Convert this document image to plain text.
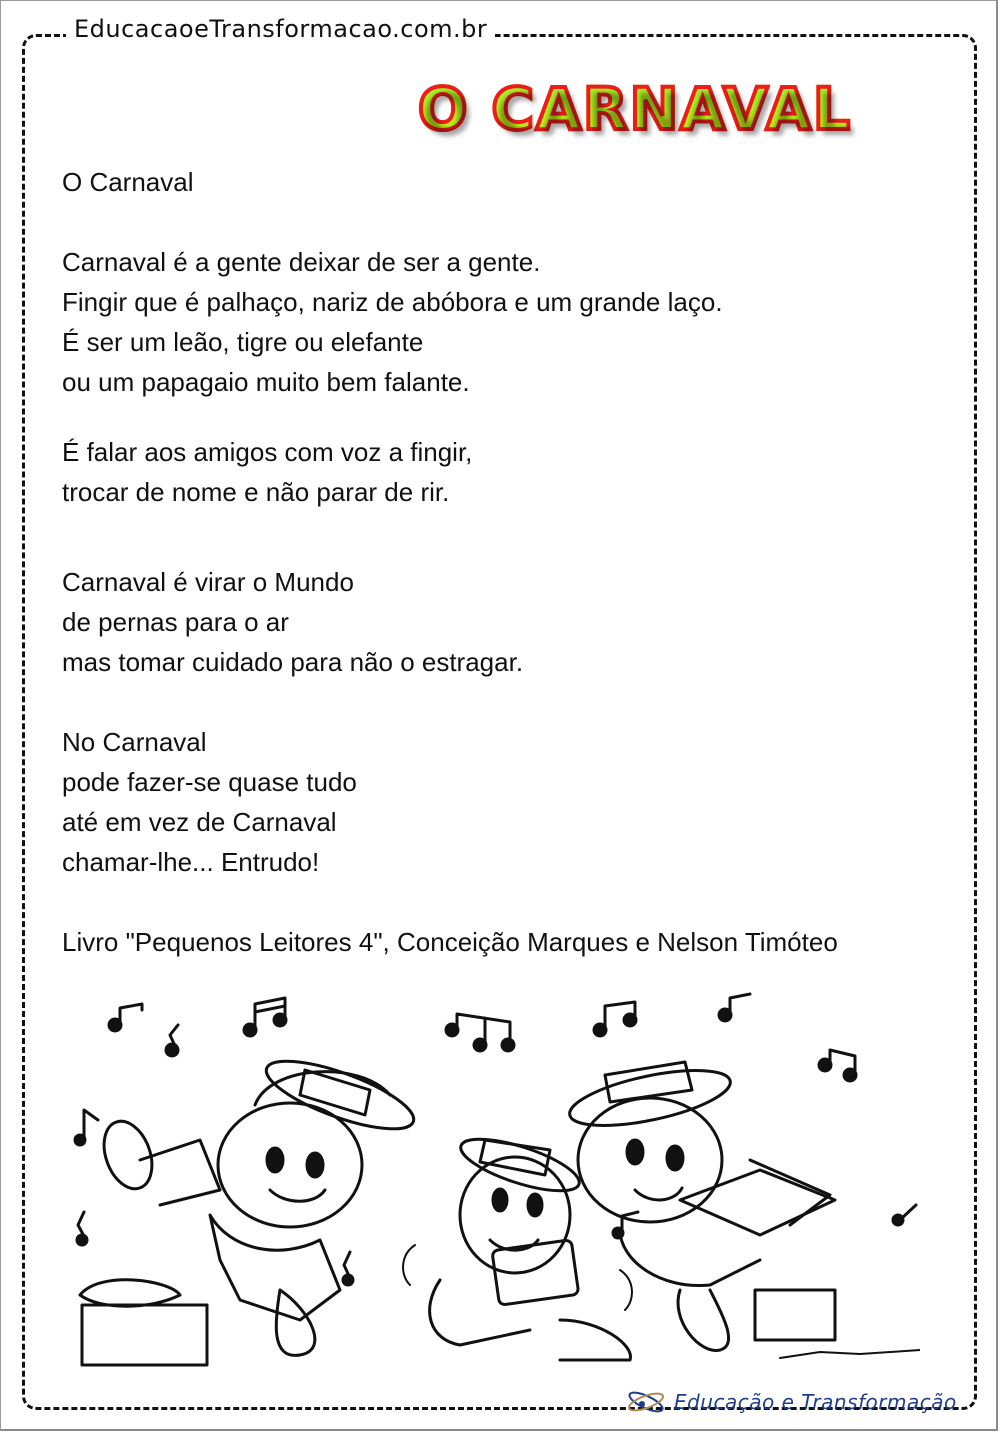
EducacaoeTransformacao.com.br
O CARNAVAL
O Carnaval
Carnaval é a gente deixar de ser a gente.
Fingir que é palhaço, nariz de abóbora e um grande laço.
É ser um leão, tigre ou elefante
ou um papagaio muito bem falante.
É falar aos amigos com voz a fingir,
trocar de nome e não parar de rir.
Carnaval é virar o Mundo
de pernas para o ar
mas tomar cuidado para não o estragar.
No Carnaval
pode fazer-se quase tudo
até em vez de Carnaval
chamar-lhe... Entrudo!
Livro "Pequenos Leitores 4", Conceição Marques e Nelson Timóteo
Educação e Transformação
